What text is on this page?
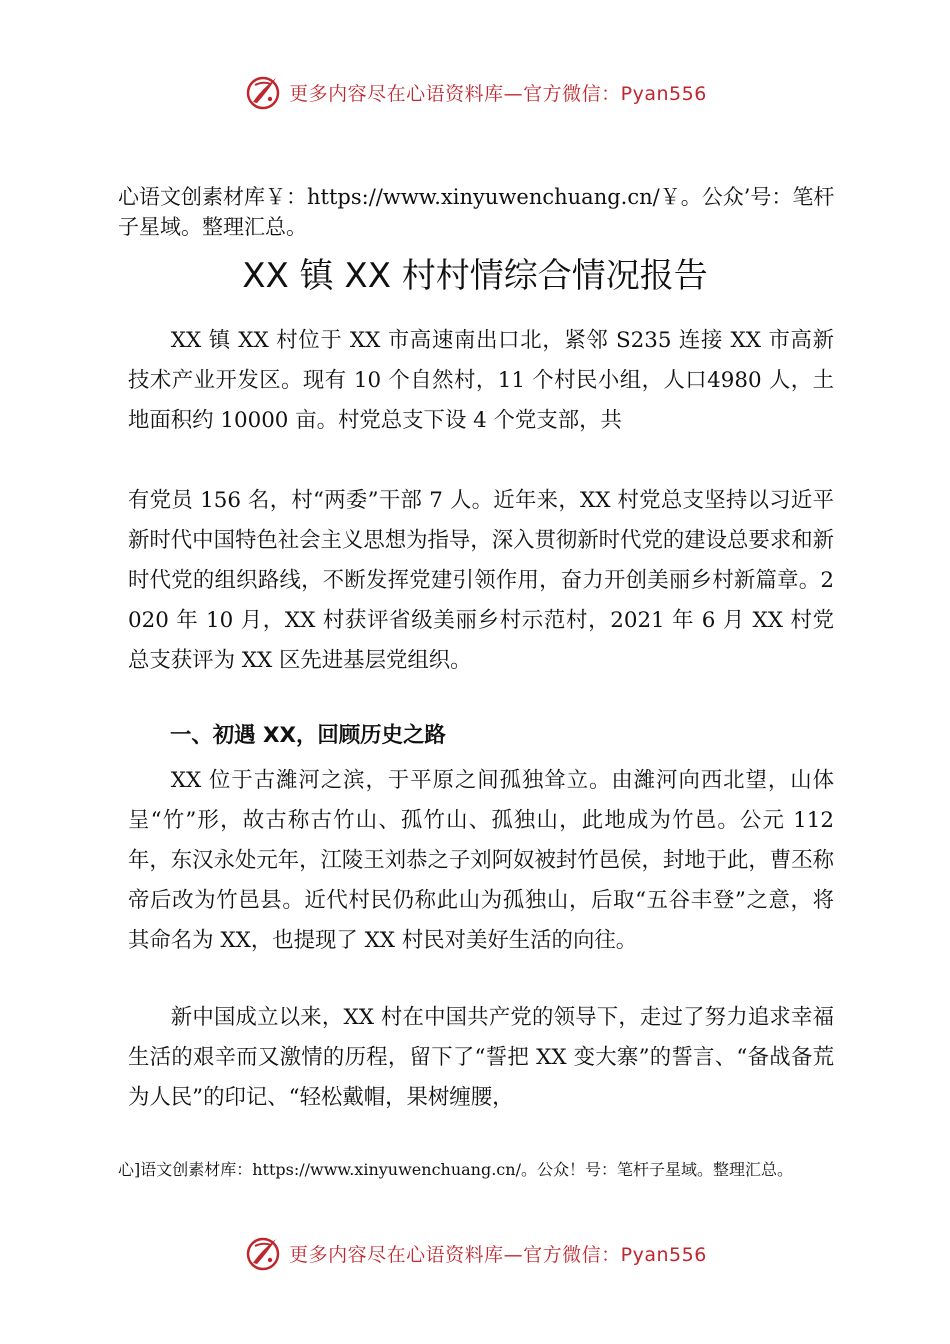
更多内容尽在心语资料库—官方微信：Pyan556
心语文创素材库￥：https://www.xinyuwenchuang.cn/￥。公众’号：笔杆子星域。整理汇总。
XX 镇 XX 村村情综合情况报告

XX 镇 XX 村位于 XX 市高速南出口北，紧邻 S235 连接 XX 市高新技术产业开发区。现有 10 个自然村，11 个村民小组，人口4980 人，土地面积约 10000 亩。村党总支下设 4 个党支部，共

有党员 156 名，村“两委”干部 7 人。近年来，XX 村党总支坚持以习近平新时代中国特色社会主义思想为指导，深入贯彻新时代党的建设总要求和新时代党的组织路线，不断发挥党建引领作用，奋力开创美丽乡村新篇章。2020 年 10 月，XX 村获评省级美丽乡村示范村，2021 年 6 月 XX 村党总支获评为 XX 区先进基层党组织。

一、初遇 XX，回顾历史之路

XX 位于古濰河之滨，于平原之间孤独耸立。由濰河向西北望，山体呈“竹”形，故古称古竹山、孤竹山、孤独山，此地成为竹邑。公元 112 年，东汉永处元年，江陵王刘恭之子刘阿奴被封竹邑侯，封地于此，曹丕称帝后改为竹邑县。近代村民仍称此山为孤独山，后取“五谷丰登”之意，将其命名为 XX，也提现了 XX 村民对美好生活的向往。

新中国成立以来，XX 村在中国共产党的领导下，走过了努力追求幸福生活的艰辛而又激情的历程，留下了“誓把 XX 变大寨”的誓言、“备战备荒为人民”的印记、“轻松戴帽，果树缠腰，

心]语文创素材库：https://www.xinyuwenchuang.cn/。公众！号：笔杆子星域。整理汇总。
更多内容尽在心语资料库—官方微信：Pyan556
